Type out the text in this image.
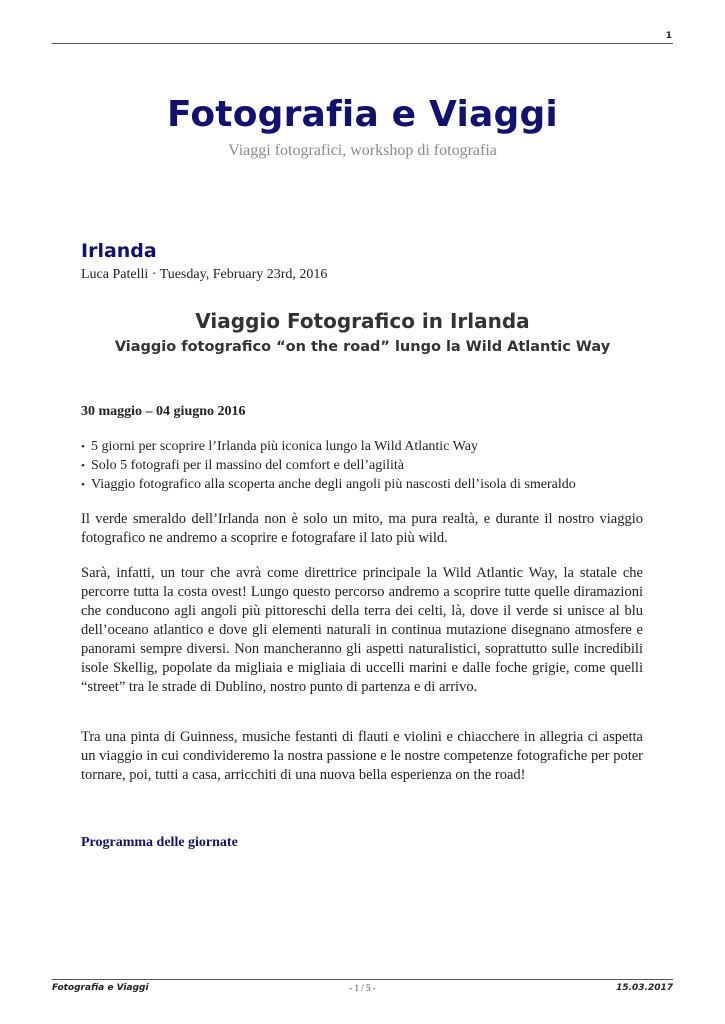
1
Fotografia e Viaggi
Viaggi fotografici, workshop di fotografia
Irlanda
Luca Patelli · Tuesday, February 23rd, 2016
Viaggio Fotografico in Irlanda
Viaggio fotografico “on the road” lungo la Wild Atlantic Way
30 maggio – 04 giugno 2016
• 5 giorni per scoprire l’Irlanda più iconica lungo la Wild Atlantic Way
• Solo 5 fotografi per il massino del comfort e dell’agilità
• Viaggio fotografico alla scoperta anche degli angoli più nascosti dell’isola di smeraldo
Il verde smeraldo dell’Irlanda non è solo un mito, ma pura realtà, e durante il nostro viaggio fotografico ne andremo a scoprire e fotografare il lato più wild.
Sarà, infatti, un tour che avrà come direttrice principale la Wild Atlantic Way, la statale che percorre tutta la costa ovest! Lungo questo percorso andremo a scoprire tutte quelle diramazioni che conducono agli angoli più pittoreschi della terra dei celti, là, dove il verde si unisce al blu dell’oceano atlantico e dove gli elementi naturali in continua mutazione disegnano atmosfere e panorami sempre diversi. Non mancheranno gli aspetti naturalistici, soprattutto sulle incredibili isole Skellig, popolate da migliaia e migliaia di uccelli marini e dalle foche grigie, come quelli “street” tra le strade di Dublino, nostro punto di partenza e di arrivo.
Tra una pinta di Guinness, musiche festanti di flauti e violini e chiacchere in allegria ci aspetta un viaggio in cui condivideremo la nostra passione e le nostre competenze fotografiche per poter tornare, poi, tutti a casa, arricchiti di una nuova bella esperienza on the road!
Programma delle giornate
Fotografia e Viaggi	- 1 / 5 -	15.03.2017
